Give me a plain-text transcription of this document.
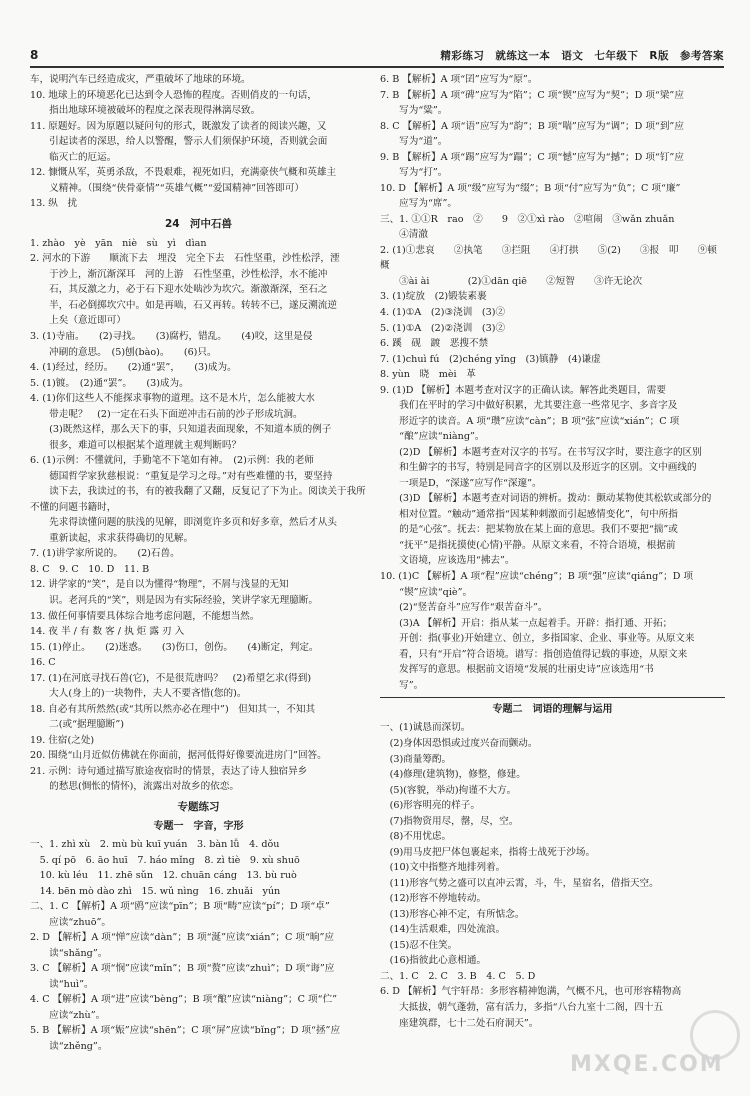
8	精彩练习　就练这一本　语文　七年级下　R版　参考答案

车，说明汽车已经造成灾，严重破坏了地球的环境。

10. 地球上的环境恶化已达到令人恐怖的程度。否则俏皮的一句话，

　　指出地球环境被破坏的程度之深表现得淋漓尽致。

11. 原题好。因为原题以疑问句的形式，既激发了读者的阅读兴趣，又

　　引起读者的深思，给人以警醒，警示人们须保护环境，否则就会面

　　临灭亡的厄运。

12. 慷慨从军，英勇杀敌，不畏艰难，视死如归，充满豪侠气概和英雄主

　　义精神。（围绕“侠骨豪情”“英雄气概”“爱国精神”回答即可）

13. 纵　扰

24　河中石兽

1. zhào　yè　yān　niè　sù　yì　dìan

2. 河水的下游　　顺流下去　埋没　完全下去　石性坚重，沙性松浮，湮

　　于沙上，渐沉渐深耳　河的上游　石性坚重，沙性松浮，水不能冲

　　石，其反激之力，必于石下迎水处啮沙为坎穴。渐激渐深，至石之

　　半，石必倒掷坎穴中。如是再啮，石又再转。转转不已，遂反溯流逆

　　上矣（意近即可）

3. (1)寺庙。　　(2)寻找。　　(3)腐朽，错乱。　　(4)咬，这里是侵

　　冲刷的意思。　(5)刨(bào)。　　(6)只。

4. (1)经过，经历。　　(2)通“罢”，　　(3)成为。

5. (1)镀。　(2)通“罢”。　　(3)成为。

4. (1)你们这些人不能探求事物的道理。这不是木片，怎么能被大水

　　带走呢？　(2)一定在石头下面逆冲击石前的沙子形成坑洞。

　　(3)既然这样，那么天下的事，只知道表面现象，不知道本质的例子

　　很多，难道可以根据某个道理就主观判断吗？

6. (1)示例：不懂就问，手勤笔不下笔如有神。　(2)示例：我的老师

　　德国哲学家狄慈根说：“重复是学习之母。”对有些难懂的书，要坚持

　　读下去，我读过的书，有的被我翻了又翻，反复记了下为止。阅读关于我所不懂的问题书籍时，

　　先求得读懂问题的肤浅的见解，即浏览许多页和好多章，然后才从头

　　重新读起，求求获得确切的见解。

7. (1)讲学家所说的。　　(2)石兽。

8. C　9. C　10. D　11. B

12. 讲学家的“笑”，是自以为懂得“物理”，不屑与浅显的无知

　　识。老河兵的“笑”，则是因为有实际经验，笑讲学家无理臆断。

13. 做任何事情要具体综合地考虑问题，不能想当然。

14. 夜 半 / 有 数 客 / 执 炬 露 刃 入

15. (1)停止。　　(2)迷惑。　　(3)伤口，创伤。　　(4)断定，判定。

16. C

17. (1)在河底寻找石兽(它)，不是很荒唐吗？　(2)希望乞求(得到)

　　大人(身上的)一块物件，夫人不要吝惜(您的)。

18. 自必有其所然然(或“其所以然亦必在理中”)　但知其一，不知其

　　二(或“据理臆断”)

19. 住宿(之处)

20. 围绕“山月近似仿佛就在你面前，据河低得好像要流进房门”回答。

21. 示例：诗句通过描写旅途夜宿时的情景，表达了诗人独宿异乡

　　的愁思(惆怅的情怀)，流露出对故乡的依恋。

专题练习
专题一　字音，字形

一、1. zhì xù　2. mù bù kuī yuán　3. bàn lǚ　4. dǒu

　5. qí pō　6. āo huī　7. háo mǐng　8. zì tiè　9. xù shuō

　10. kù léu　11. zhē sǔn　12. chuān cáng　13. bù ruò

　14. bēn mò dào zhì　15. wǔ nìng　16. zhuǎi　yún

二、1. C 【解析】A 项“鸥”应读“pīn”；B 项“畴”应读“pí”；D 项“卓”

　　应读“zhuō”。

2. D 【解析】A 项“惮”应读“dàn”；B 项“涎”应读“xián”；C 项“晌”应

　　读“shǎng”。

3. C 【解析】A 项“悯”应读“mǐn”；B 项“赘”应读“zhuì”；D 项“诲”应

　　读“huì”。

4. C 【解析】A 项“进”应读“bèng”；B 项“酿”应读“niàng”；C 项“伫”

　　应读“zhù”。

5. B 【解析】A 项“娠”应读“shēn”；C 项“屏”应读“bǐng”；D 项“拯”应

　　读“zhěng”。

6. B 【解析】A 项“囝”应写为“原”。

7. B 【解析】A 项“碑”应写为“陷”；C 项“锲”应写为“契”；D 项“梁”应

　　写为“粱”。

8. C 【解析】A 项“语”应写为“韵”；B 项“喘”应写为“调”；D 项“到”应

　　写为“道”。

9. B 【解析】A 项“踢”应写为“蹋”；C 项“憾”应写为“撼”；D 项“钉”应

　　写为“打”。

10. D 【解析】A 项“级”应写为“缀”；B 项“付”应写为“负”；C 项“廉”

　　应写为“席”。

三、1. ①①R　rao　②　　9　②①xì rào　②喧闹　③wǎn zhuǎn

　　④清澈

2. (1)①悲哀　　②执笔　　③拦阻　　④打拱　　⑤(2)　　③报　叩　　⑨顿　　概

　　③ài ài　　　　(2)①dān qiē　　②短智　　③许无论次

3. (1)绽放　(2)锻装素裹

4. (1)①A　(2)③浇训　(3)②

5. (1)①A　(2)②浇训　(3)②

6. 蹊　砚　踱　恶搜不禁

7. (1)chuì fú　(2)chéng yǐng　(3)镇静　(4)谦虚

8. yùn　晓　mèi　革

9. (1)D 【解析】本题考查对汉字的正确认读。解答此类题目，需要

　　我们在平时的学习中做好积累，尤其要注意一些常见字、多音字及

　　形近字的读音。A 项“瓒”应读“càn”；B 项“弦”应读“xián”；C 项

　　“酿”应读“niàng”。

　　(2)D 【解析】本题考查对汉字的书写。在书写汉字时，要注意字的区别

　　和生僻字的书写，特别是同音字的区别以及形近字的区别。文中画线的

　　一项是D，“深遂”应写作“深邃”。

　　(3)D 【解析】本题考查对词语的辨析。拨动：颤动某物使其松软或部分的

　　相对位置。“触动”通常指“因某种刺激而引起感情变化”，句中所指

　　的是“心弦”。抚去：把某物放在某上面的意思。我们不要把“揣”或

　　“抚平”是指抚摸使(心情)平静。从原文来看，不符合语境，根据前

　　文语境，应该选用“拂去”。

10. (1)C 【解析】A 项“程”应读“chéng”；B 项“强”应读“qiáng”；D 项

　　“锲”应读“qiè”。

　　(2)“竖苦奋斗”应写作“艰苦奋斗”。

　　(3)A 【解析】开启：指从某一点起着手。开辟：指打通、开拓；

　　开创：指(事业)开始建立、创立，多指国家、企业、事业等。从原文来

　　看，只有“开启”符合语境。谱写：指创造值得记载的事迹，从原文来

　　发挥写的意思。根据前文语境“发展的壮丽史诗”应该选用“书

　　写”。

专题二　词语的理解与运用

一、(1)诚恳而深切。

　(2)身体因恐惧或过度兴奋而颤动。

　(3)商量筹酌。

　(4)修理(建筑物)，修整，修建。

　(5)(容貌，举动)拘谨不大方。

　(6)形容明亮的样子。

　(7)指物资用尽，罄，尽，空。

　(8)不用忧虑。

　(9)用马皮把尸体包裹起来，指将士战死于沙场。

　(10)文中指整齐地排列着。

　(11)形容气势之盛可以直冲云霄，斗，牛，星宿名，借指天空。

　(12)形容不停地转动。

　(13)形容心神不定，有所惦念。

　(14)生活艰难，四处流浪。

　(15)忍不住笑。

　(16)指彼此心意相通。

二、1. C　2. C　3. B　4. C　5. D

6. D 【解析】气宇轩昂：多形容精神饱满，气概不凡，也可形容精物高

　　大抵拔，朝气蓬勃，富有活力，多指“八台九室十二阁，四十五

　　座建筑群，七十二处石府洞天”。

MXQE.COM
